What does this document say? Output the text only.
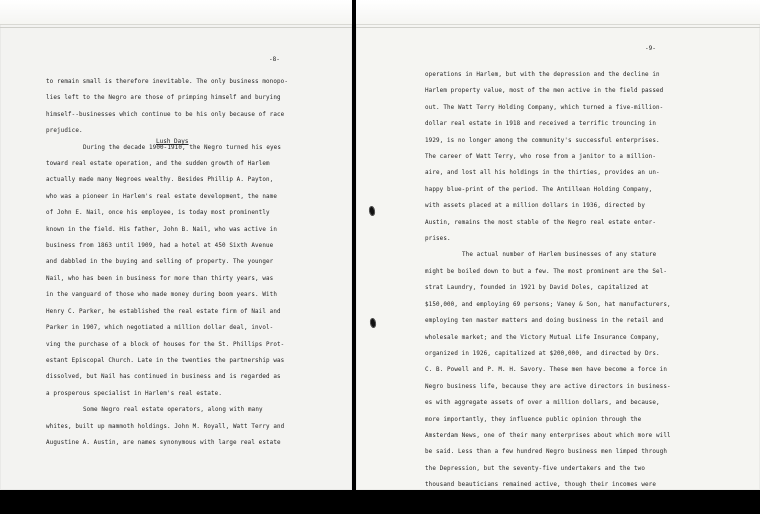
-8-
Lush Days
to remain small is therefore inevitable. The only business monopo-
lies left to the Negro are those of primping himself and burying
himself--businesses which continue to be his only because of race
prejudice.
During the decade 1900-1910, the Negro turned his eyes
toward real estate operation, and the sudden growth of Harlem
actually made many Negroes wealthy. Besides Phillip A. Payton,
who was a pioneer in Harlem's real estate development, the name
of John E. Nail, once his employee, is today most prominently
known in the field. His father, John B. Nail, who was active in
business from 1863 until 1909, had a hotel at 450 Sixth Avenue
and dabbled in the buying and selling of property. The younger
Nail, who has been in business for more than thirty years, was
in the vanguard of those who made money during boom years. With
Henry C. Parker, he established the real estate firm of Nail and
Parker in 1907, which negotiated a million dollar deal, invol-
ving the purchase of a block of houses for the St. Phillips Prot-
estant Episcopal Church. Late in the twenties the partnership was
dissolved, but Nail has continued in business and is regarded as
a prosperous specialist in Harlem's real estate.
Some Negro real estate operators, along with many
whites, built up mammoth holdings. John M. Royall, Watt Terry and
Augustine A. Austin, are names synonymous with large real estate
-9-
operations in Harlem, but with the depression and the decline in
Harlem property value, most of the men active in the field passed
out. The Watt Terry Holding Company, which turned a five-million-
dollar real estate in 1918 and received a terrific trouncing in
1929, is no longer among the community's successful enterprises.
The career of Watt Terry, who rose from a janitor to a million-
aire, and lost all his holdings in the thirties, provides an un-
happy blue-print of the period. The Antillean Holding Company,
with assets placed at a million dollars in 1936, directed by
Austin, remains the most stable of the Negro real estate enter-
prises.
The actual number of Harlem businesses of any stature
might be boiled down to but a few. The most prominent are the Sel-
strat Laundry, founded in 1921 by David Doles, capitalized at
$150,000, and employing 69 persons; Vaney & Son, hat manufacturers,
employing ten master matters and doing business in the retail and
wholesale market; and the Victory Mutual Life Insurance Company,
organized in 1926, capitalized at $200,000, and directed by Drs.
C. B. Powell and P. M. H. Savory. These men have become a force in
Negro business life, because they are active directors in business-
es with aggregate assets of over a million dollars, and because,
more importantly, they influence public opinion through the
Amsterdam News, one of their many enterprises about which more will
be said. Less than a few hundred Negro business men limped through
the Depression, but the seventy-five undertakers and the two
thousand beauticians remained active, though their incomes were
